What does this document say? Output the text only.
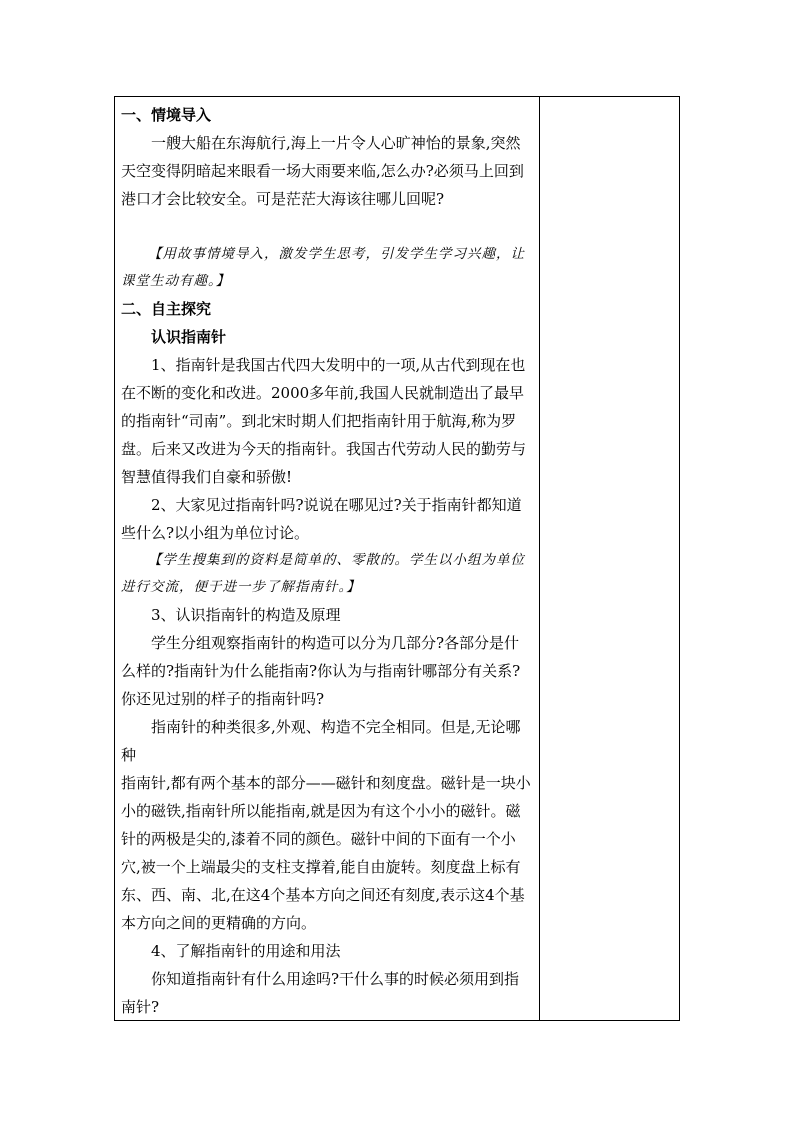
一、情境导入

一艘大船在东海航行,海上一片令人心旷神怡的景象,突然天空变得阴暗起来眼看一场大雨要来临,怎么办?必须马上回到港口才会比较安全。可是茫茫大海该往哪儿回呢?

【用故事情境导入，激发学生思考，引发学生学习兴趣，让课堂生动有趣。】

二、自主探究

认识指南针

1、指南针是我国古代四大发明中的一项,从古代到现在也在不断的变化和改进。2000多年前,我国人民就制造出了最早的指南针“司南”。到北宋时期人们把指南针用于航海,称为罗盘。后来又改进为今天的指南针。我国古代劳动人民的勤劳与智慧值得我们自豪和骄傲!

2、大家见过指南针吗?说说在哪见过?关于指南针都知道些什么?以小组为单位讨论。

【学生搜集到的资料是简单的、零散的。学生以小组为单位进行交流，便于进一步了解指南针。】

3、认识指南针的构造及原理

学生分组观察指南针的构造可以分为几部分?各部分是什么样的?指南针为什么能指南?你认为与指南针哪部分有关系?你还见过别的样子的指南针吗?

指南针的种类很多,外观、构造不完全相同。但是,无论哪种

指南针,都有两个基本的部分——磁针和刻度盘。磁针是一块小小的磁铁,指南针所以能指南,就是因为有这个小小的磁针。磁针的两极是尖的,漆着不同的颜色。磁针中间的下面有一个小穴,被一个上端最尖的支柱支撑着,能自由旋转。刻度盘上标有东、西、南、北,在这4个基本方向之间还有刻度,表示这4个基本方向之间的更精确的方向。

4、了解指南针的用途和用法

你知道指南针有什么用途吗?干什么事的时候必须用到指南针?
